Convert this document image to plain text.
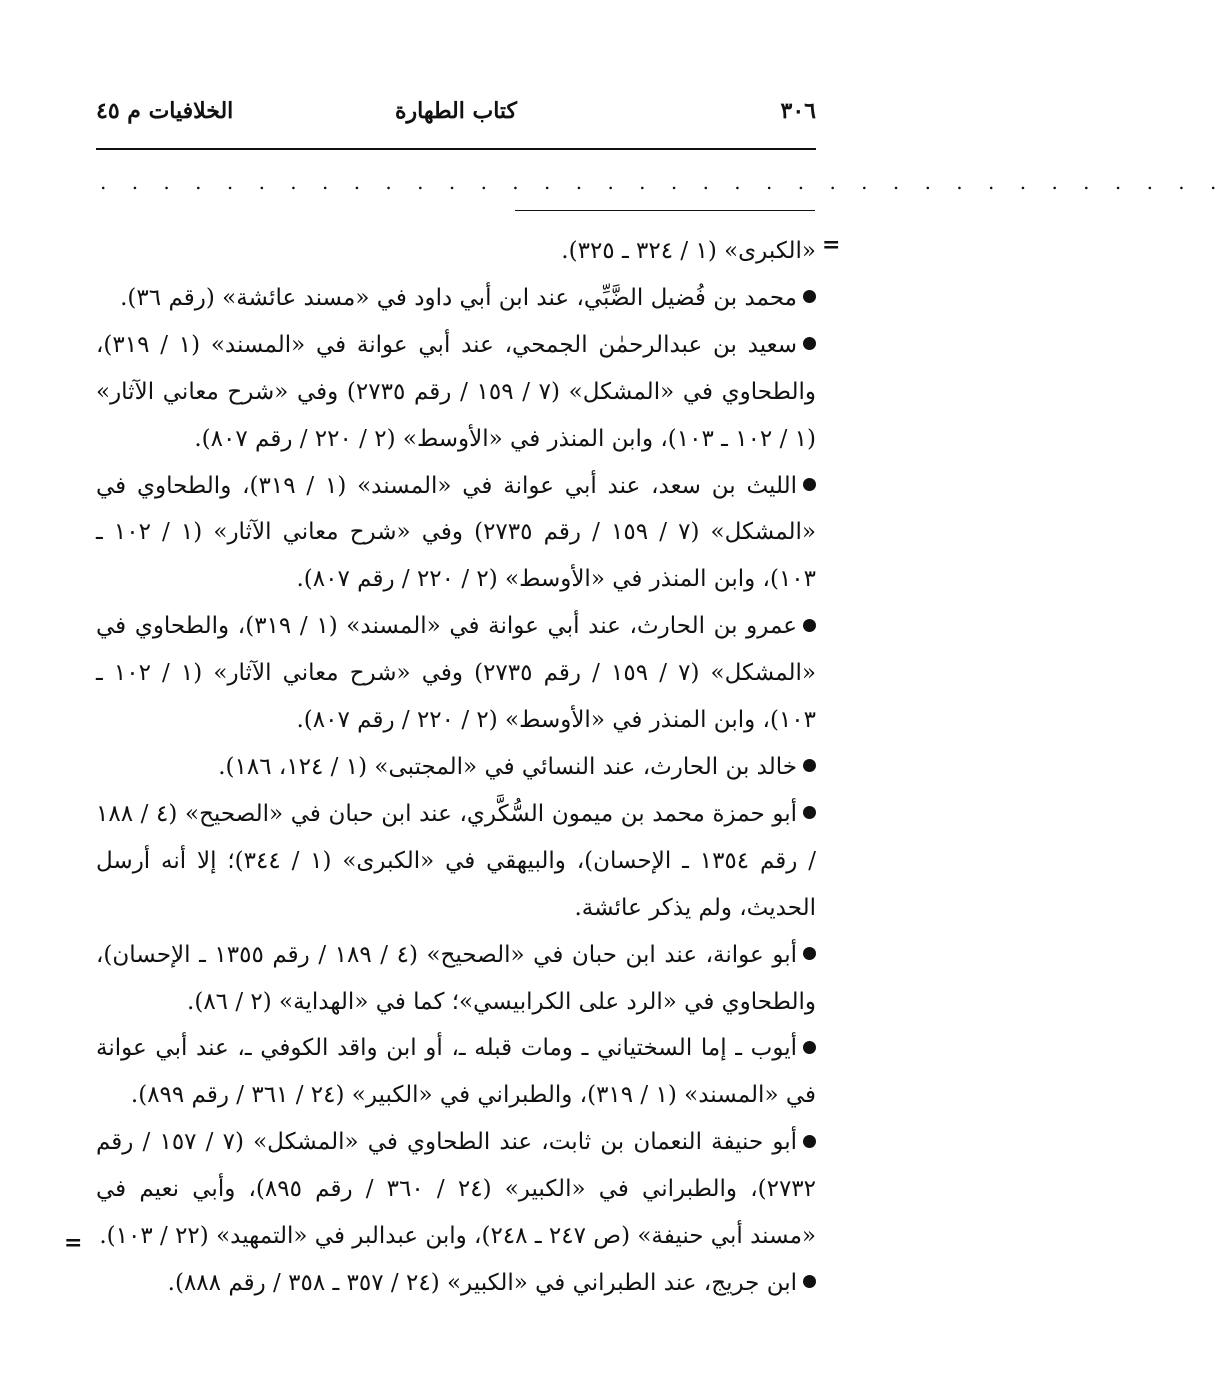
٣٠٦
كتاب الطهارة
الخلافيات م ٤٥
. . . . . . . . . . . . . . . . . . . . . . . . . . . . . . . . . . . .
=

«الكبرى» (١ / ٣٢٤ ـ ٣٢٥).

محمد بن فُضيل الضَّبِّي، عند ابن أبي داود في «مسند عائشة» (رقم ٣٦).

سعيد بن عبدالرحمٰن الجمحي، عند أبي عوانة في «المسند» (١ / ٣١٩)، والطحاوي في «المشكل» (٧ / ١٥٩ / رقم ٢٧٣٥) وفي «شرح معاني الآثار» (١ / ١٠٢ ـ ١٠٣)، وابن المنذر في «الأوسط» (٢ / ٢٢٠ / رقم ٨٠٧).

الليث بن سعد، عند أبي عوانة في «المسند» (١ / ٣١٩)، والطحاوي في «المشكل» (٧ / ١٥٩ / رقم ٢٧٣٥) وفي «شرح معاني الآثار» (١ / ١٠٢ ـ ١٠٣)، وابن المنذر في «الأوسط» (٢ / ٢٢٠ / رقم ٨٠٧).

عمرو بن الحارث، عند أبي عوانة في «المسند» (١ / ٣١٩)، والطحاوي في «المشكل» (٧ / ١٥٩ / رقم ٢٧٣٥) وفي «شرح معاني الآثار» (١ / ١٠٢ ـ ١٠٣)، وابن المنذر في «الأوسط» (٢ / ٢٢٠ / رقم ٨٠٧).

خالد بن الحارث، عند النسائي في «المجتبى» (١ / ١٢٤، ١٨٦).

أبو حمزة محمد بن ميمون السُّكَّري، عند ابن حبان في «الصحيح» (٤ / ١٨٨ / رقم ١٣٥٤ ـ الإحسان)، والبيهقي في «الكبرى» (١ / ٣٤٤)؛ إلا أنه أرسل الحديث، ولم يذكر عائشة.

أبو عوانة، عند ابن حبان في «الصحيح» (٤ / ١٨٩ / رقم ١٣٥٥ ـ الإحسان)، والطحاوي في «الرد على الكرابيسي»؛ كما في «الهداية» (٢ / ٨٦).

أيوب ـ إما السختياني ـ ومات قبله ـ، أو ابن واقد الكوفي ـ، عند أبي عوانة في «المسند» (١ / ٣١٩)، والطبراني في «الكبير» (٢٤ / ٣٦١ / رقم ٨٩٩).

أبو حنيفة النعمان بن ثابت، عند الطحاوي في «المشكل» (٧ / ١٥٧ / رقم ٢٧٣٢)، والطبراني في «الكبير» (٢٤ / ٣٦٠ / رقم ٨٩٥)، وأبي نعيم في «مسند أبي حنيفة» (ص ٢٤٧ ـ ٢٤٨)، وابن عبدالبر في «التمهيد» (٢٢ / ١٠٣).

ابن جريج، عند الطبراني في «الكبير» (٢٤ / ٣٥٧ ـ ٣٥٨ / رقم ٨٨٨).

=
